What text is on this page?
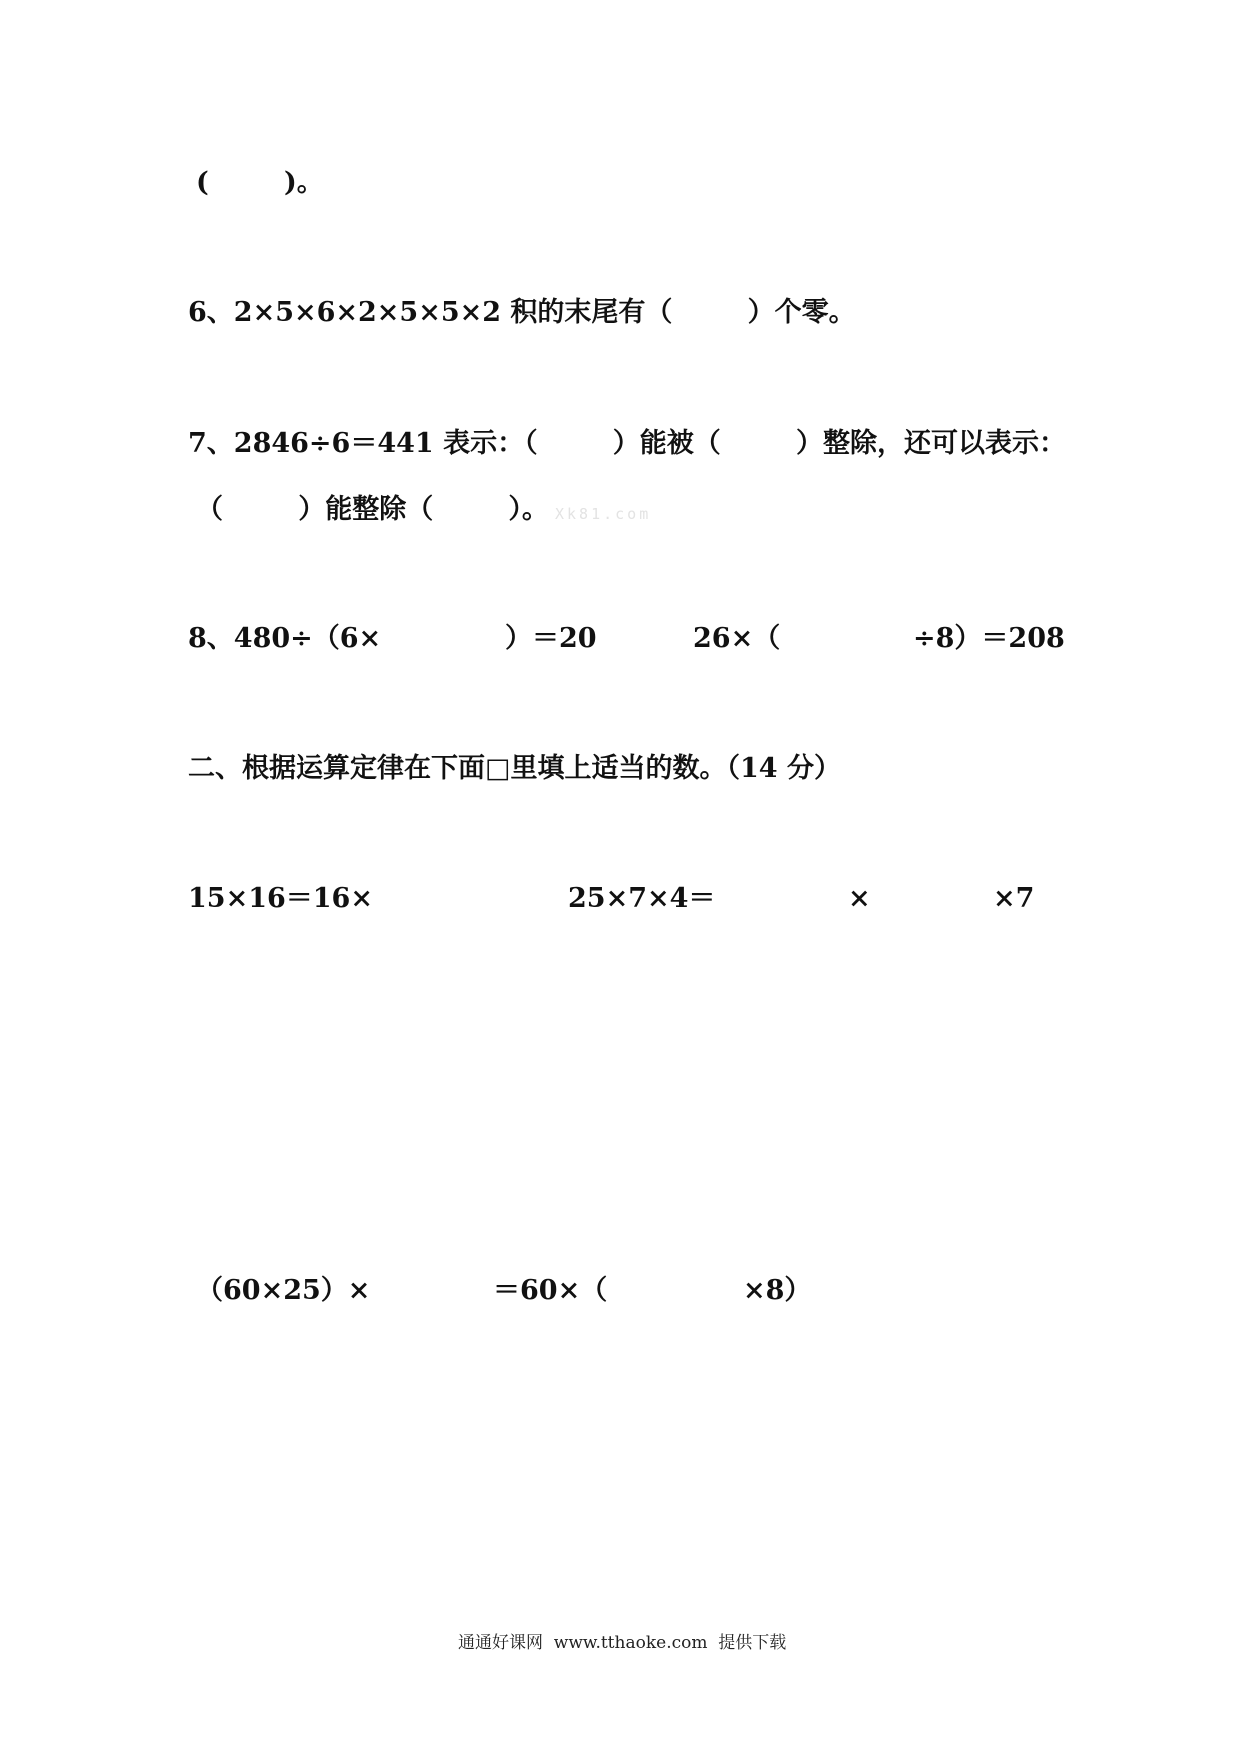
(        )。
6、2×5×6×2×5×5×2 积的末尾有（        ）个零。
7、2846÷6＝441 表示：（        ）能被（        ）整除，还可以表示：
（        ）能整除（        ）。 Xk81.com
8、480÷（6×	）＝20	26×（	÷8）＝208
二、根据运算定律在下面□里填上适当的数。（14 分）
15×16＝16×	25×7×4＝	×	×7
（60×25）×	＝60×（	×8）
通通好课网  www.tthaoke.com  提供下载
